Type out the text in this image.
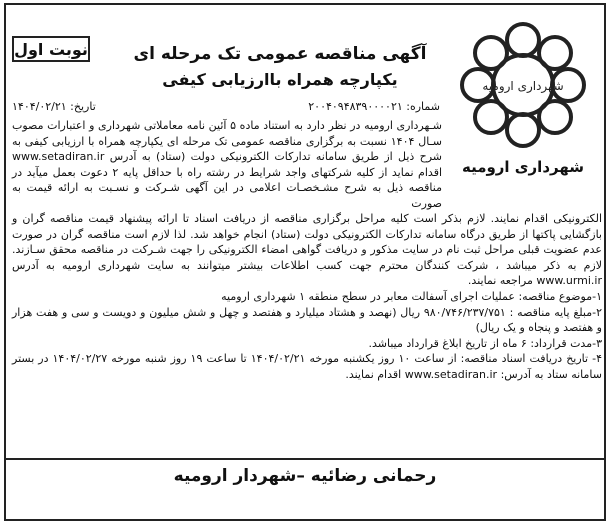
شهرداری ارومیه
شهرداری ارومیه
نوبت اول	آگهی مناقصه عمومی تک مرحله ای
یکپارچه همراه باارزیابی کیفی
شماره: ۲۰۰۴۰۹۴۸۳۹۰۰۰۰۲۱
تاریخ: ۱۴۰۴/۰۲/۲۱
شـهرداری ارومیه در نظر دارد به استناد ماده ۵ آئین نامه معاملاتی شهرداری و اعتبارات مصوب سـال ۱۴۰۴ نسبت به برگزاری مناقصه عمومی تک مرحله ای یکپارچه همراه با ارزیابی کیفی به شرح ذیل از طریق سامانه تدارکات الکترونیکی دولت (ستاد) به آدرس www.setadiran.ir اقدام نماید از کلیه شرکتهای واجد شرایط در رشته راه با حداقل پایه ۲ دعوت بعمل میآید در مناقصه ذیل به شرح مشـخصـات اعلامی در این آگهی شـرکت و نسـبت به ارائه قیمت به صورت

الکترونیکی اقدام نمایند. لازم بذکر است کلیه مراحل برگزاری مناقصه از دریافت اسناد تا ارائه پیشنهاد قیمت مناقصه گران و بازگشایی پاکتها از طریق درگاه سامانه تدارکات الکترونیکی دولت (ستاد) انجام خواهد شد. لذا لازم است مناقصه گران در صورت عدم عضویت قبلی مراحل ثبت نام در سایت مذکور و دریافت گواهی امضاء الکترونیکی را جهت شـرکت در مناقصه محقق سـازند. لازم به ذکر میباشد ، شرکت کنندگان محترم جهت کسب اطلاعات بیشتر میتوانند به سایت شهرداری ارومیه به آدرس www.urmi.ir مراجعه نمایند.

۱-موضوع مناقصه: عملیات اجرای آسفالت معابر در سطح منطقه ۱ شهرداری ارومیه

۲-مبلغ پایه مناقصه : ۹۸۰/۷۴۶/۲۳۷/۷۵۱ ریال (نهصد و هشتاد میلیارد و هفتصد و چهل و شش میلیون و دویست و سی و هفت هزار و هفتصد و پنجاه و یک ریال)

۳-مدت قرارداد: ۶ ماه از تاریخ ابلاغ قرارداد میباشد.

۴- تاریخ دریافت اسناد مناقصه: از ساعت ۱۰ روز یکشنبه مورخه ۱۴۰۴/۰۲/۲۱ تا ساعت ۱۹ روز شنبه مورخه ۱۴۰۴/۰۲/۲۷ در بستر سامانه ستاد به آدرس: www.setadiran.ir اقدام نمایند.

رحمانی رضائیه –شهردار ارومیه
